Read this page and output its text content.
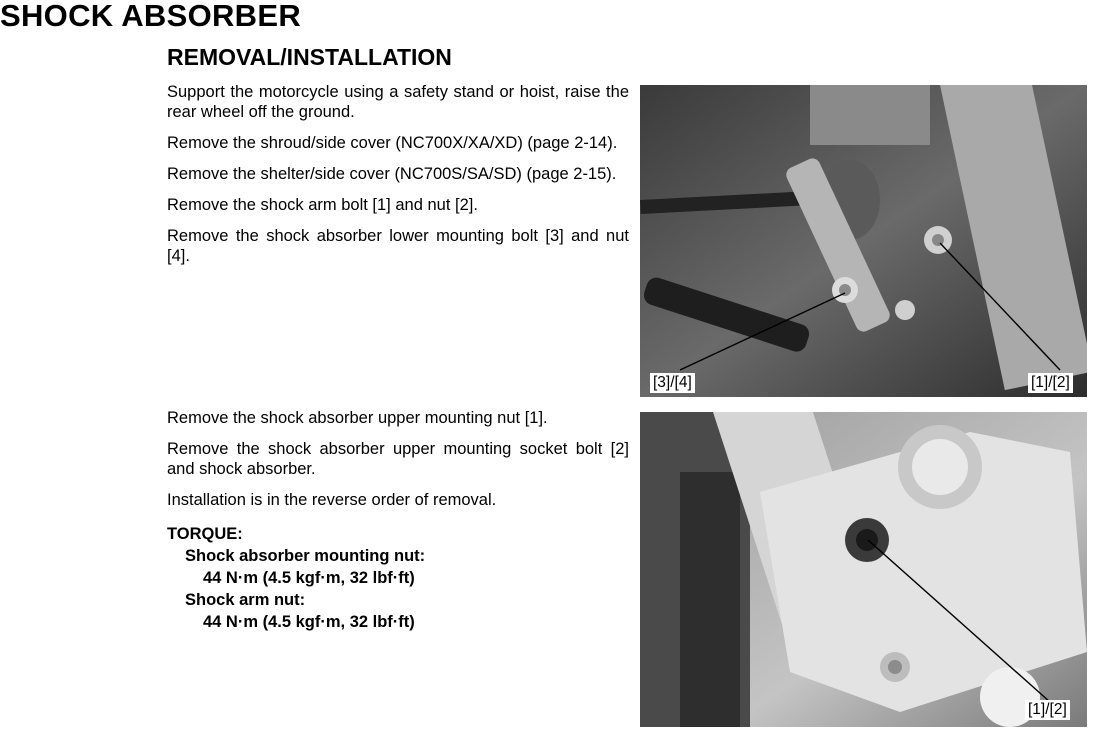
SHOCK ABSORBER
REMOVAL/INSTALLATION

Support the motorcycle using a safety stand or hoist, raise the rear wheel off the ground.

Remove the shroud/side cover (NC700X/XA/XD) (page 2-14).

Remove the shelter/side cover (NC700S/SA/SD) (page 2-15).

Remove the shock arm bolt [1] and nut [2].

Remove the shock absorber lower mounting bolt [3] and nut [4].

Remove the shock absorber upper mounting nut [1].

Remove the shock absorber upper mounting socket bolt [2] and shock absorber.

Installation is in the reverse order of removal.

TORQUE:
Shock absorber mounting nut:
44 N·m (4.5 kgf·m, 32 lbf·ft)
Shock arm nut:
44 N·m (4.5 kgf·m, 32 lbf·ft)
[3]/[4]	[1]/[2]
[1]/[2]
